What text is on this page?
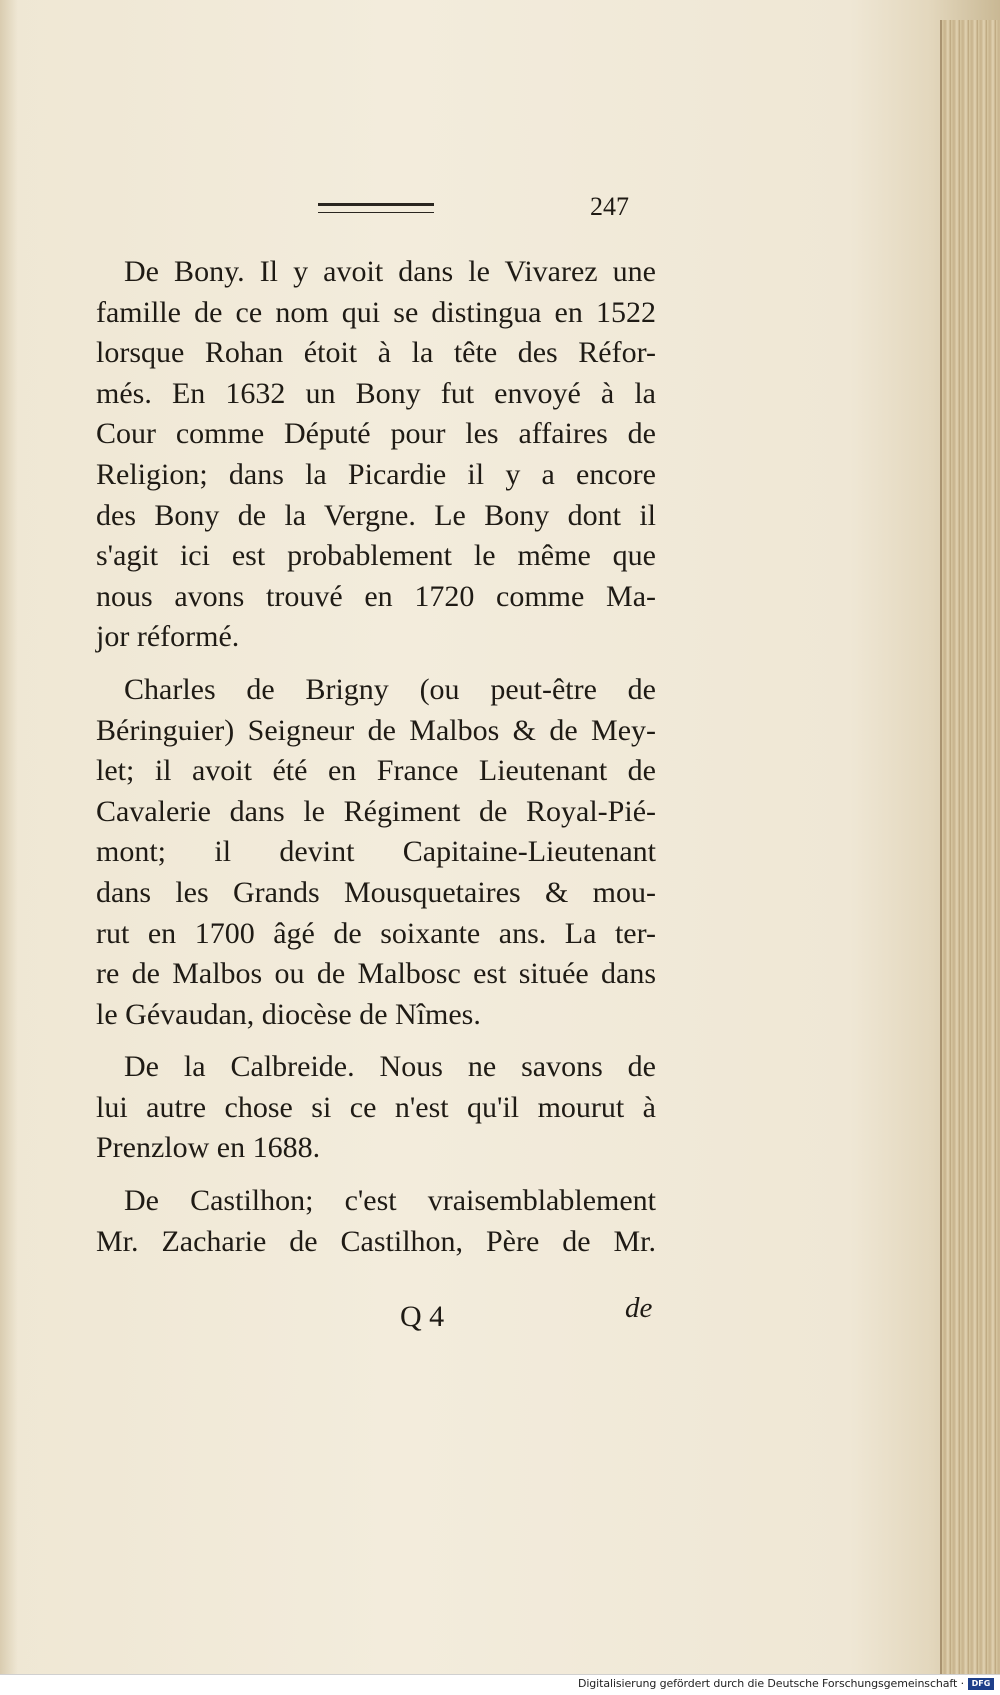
247

De Bony. Il y avoit dans le Vivarez une
famille de ce nom qui se distingua en 1522
lorsque Rohan étoit à la tête des Réfor-
més. En 1632 un Bony fut envoyé à la
Cour comme Député pour les affaires de
Religion; dans la Picardie il y a encore
des Bony de la Vergne. Le Bony dont il
s'agit ici est probablement le même que
nous avons trouvé en 1720 comme Ma-
jor réformé.

Charles de Brigny (ou peut-être de
Béringuier) Seigneur de Malbos & de Mey-
let; il avoit été en France Lieutenant de
Cavalerie dans le Régiment de Royal-Pié-
mont; il devint Capitaine-Lieutenant
dans les Grands Mousquetaires & mou-
rut en 1700 âgé de soixante ans. La ter-
re de Malbos ou de Malbosc est située dans
le Gévaudan, diocèse de Nîmes.

De la Calbreide. Nous ne savons de
lui autre chose si ce n'est qu'il mourut à
Prenzlow en 1688.

De Castilhon; c'est vraisemblablement
Mr. Zacharie de Castilhon, Père de Mr.

Q 4	de
Digitalisierung gefördert durch die Deutsche Forschungsgemeinschaft · DFG
